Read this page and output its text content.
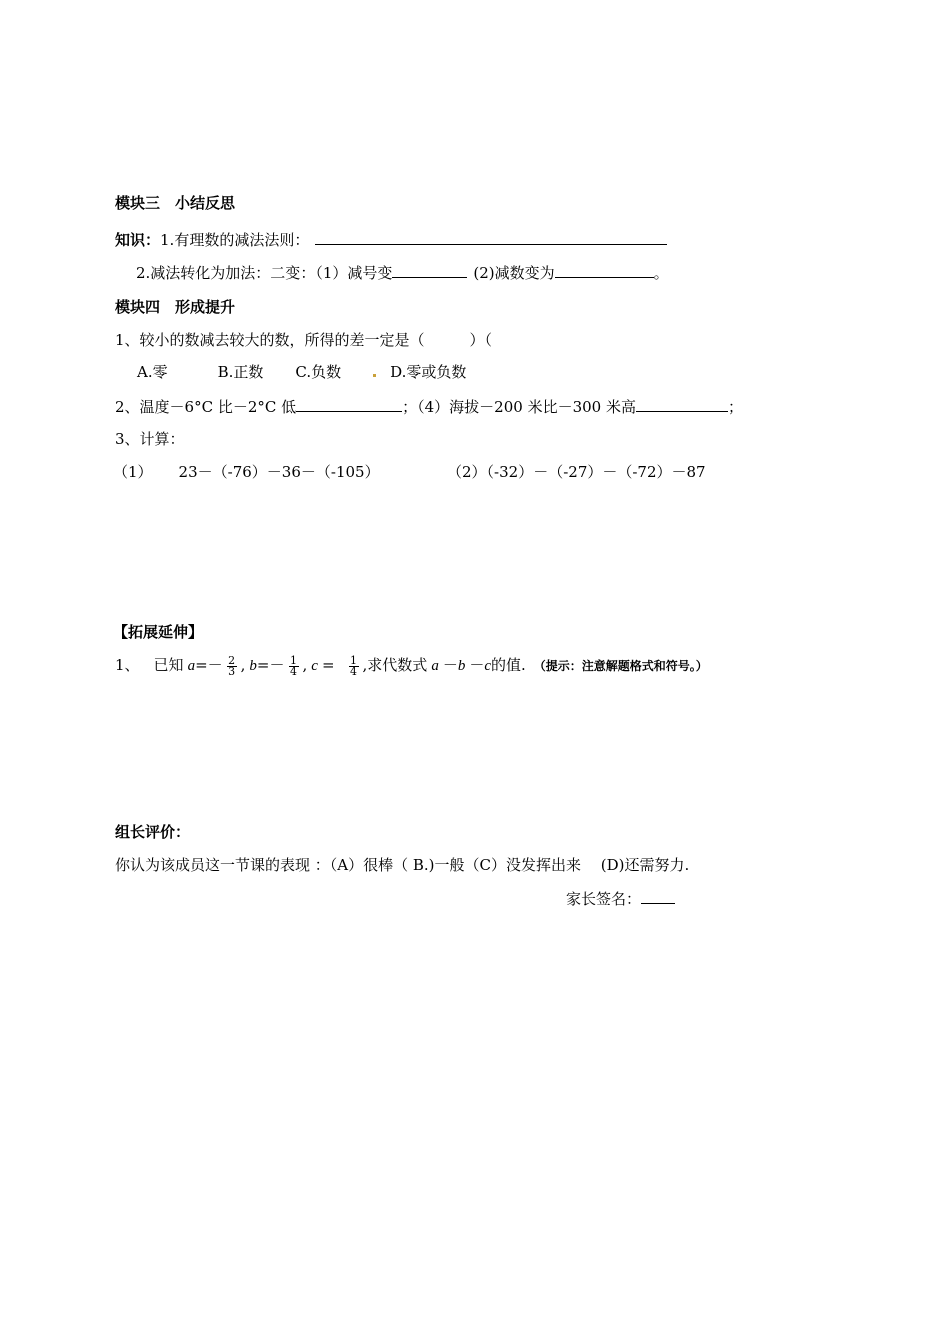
模块三　小结反思
知识：1.有理数的减法法则：
2.减法转化为加法：二变：（1）减号变	(2)减数变为	。
模块四　形成提升
1、较小的数减去较大的数，所得的差一定是（　　　）（
A.零	B.正数 C.负数	D.零或负数
2、温度－6°C 比－2°C 低	；（4）海拔－200 米比－300 米高	；
3、计算：
（1） 23－（-76）－36－（-105）	（2）（-32）－（-27）－（-72）－87
【拓展延伸】
1、 已知 $a=- \frac{2}{3}$ , $b=- \frac{1}{4}$ , $c = \frac{1}{4}$ ,求代数式 a －b －c的值. （提示：注意解题格式和符号。）
组长评价：
你认为该成员这一节课的表现 ：（A）很棒（ B.)一般（C）没发挥出来　 (D)还需努力.
家长签名：
